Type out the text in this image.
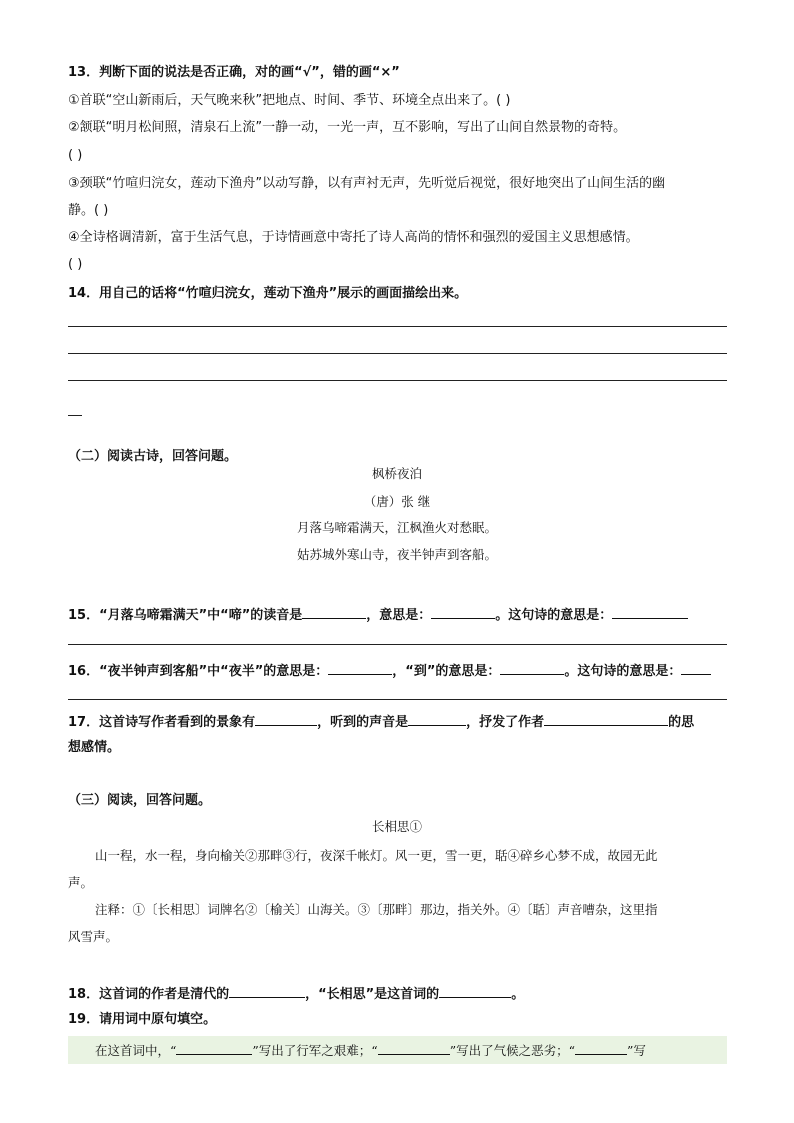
13．判断下面的说法是否正确，对的画“√”，错的画“×”
①首联“空山新雨后，天气晚来秋”把地点、时间、季节、环境全点出来了。( )
②颔联“明月松间照，清泉石上流”一静一动，一光一声，互不影响，写出了山间自然景物的奇特。
( )
③颈联“竹喧归浣女，莲动下渔舟”以动写静，以有声衬无声，先听觉后视觉，很好地突出了山间生活的幽
静。( )
④全诗格调清新，富于生活气息，于诗情画意中寄托了诗人高尚的情怀和强烈的爱国主义思想感情。
( )
14．用自己的话将“竹喧归浣女，莲动下渔舟”展示的画面描绘出来。
（二）阅读古诗，回答问题。
枫桥夜泊
（唐）张 继
月落乌啼霜满天，江枫渔火对愁眠。
姑苏城外寒山寺，夜半钟声到客船。
15．“月落乌啼霜满天”中“啼”的读音是	，意思是：	。这句诗的意思是：
16．“夜半钟声到客船”中“夜半”的意思是：	，“到”的意思是：	。这句诗的意思是：
17．这首诗写作者看到的景象有	，听到的声音是	，抒发了作者	的思
想感情。
（三）阅读，回答问题。
长相思①
山一程，水一程，身向榆关②那畔③行，夜深千帐灯。风一更，雪一更，聒④碎乡心梦不成，故园无此
声。
注释：①〔长相思〕词牌名②〔榆关〕山海关。③〔那畔〕那边，指关外。④〔聒〕声音嘈杂，这里指
风雪声。
18．这首词的作者是清代的	，“长相思”是这首词的	。
19．请用词中原句填空。
在这首词中，“	”写出了行军之艰难；“	”写出了气候之恶劣；“	”写
